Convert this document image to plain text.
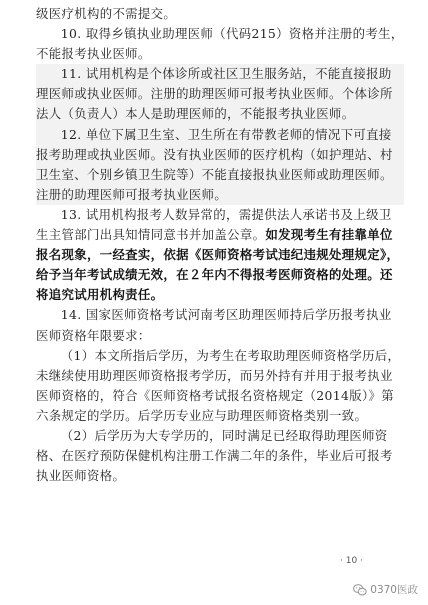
级医疗机构的不需提交。

10. 取得乡镇执业助理医师（代码215）资格并注册的考生，不能报考执业医师。

11. 试用机构是个体诊所或社区卫生服务站，不能直接报助理医师或执业医师。注册的助理医师可报考执业医师。个体诊所法人（负责人）本人是助理医师的，不能报考执业医师。

12. 单位下属卫生室、卫生所在有带教老师的情况下可直接报考助理或执业医师。没有执业医师的医疗机构（如护理站、村卫生室、个别乡镇卫生院等）不能直接报执业医师或助理医师。注册的助理医师可报考执业医师。

13. 试用机构报考人数异常的，需提供法人承诺书及上级卫生主管部门出具知情同意书并加盖公章。如发现考生有挂靠单位报名现象，一经查实，依据《医师资格考试违纪违规处理规定》，给予当年考试成绩无效，在２年内不得报考医师资格的处理。还将追究试用机构责任。

14. 国家医师资格考试河南考区助理医师持后学历报考执业医师资格年限要求：

（1）本文所指后学历，为考生在考取助理医师资格学历后，未继续使用助理医师资格报考学历，而另外持有并用于报考执业医师资格的，符合《医师资格考试报名资格规定（2014版）》第六条规定的学历。后学历专业应与助理医师资格类别一致。

（2）后学历为大专学历的，同时满足已经取得助理医师资格、在医疗预防保健机构注册工作满二年的条件，毕业后可报考执业医师资格。

· 10 ·
0370医政
